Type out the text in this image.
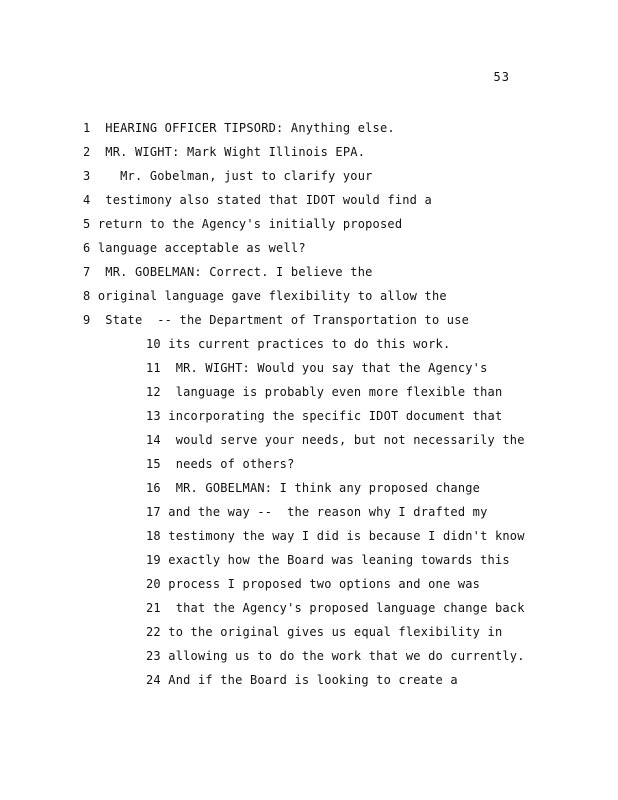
53
1  HEARING OFFICER TIPSORD: Anything else.
2  MR. WIGHT: Mark Wight Illinois EPA.
3    Mr. Gobelman, just to clarify your
4  testimony also stated that IDOT would find a
5 return to the Agency's initially proposed
6 language acceptable as well?
7  MR. GOBELMAN: Correct. I believe the
8 original language gave flexibility to allow the
9  State  -- the Department of Transportation to use
10 its current practices to do this work.
11  MR. WIGHT: Would you say that the Agency's
12  language is probably even more flexible than
13 incorporating the specific IDOT document that
14  would serve your needs, but not necessarily the
15  needs of others?
16  MR. GOBELMAN: I think any proposed change
17 and the way --  the reason why I drafted my
18 testimony the way I did is because I didn't know
19 exactly how the Board was leaning towards this
20 process I proposed two options and one was
21  that the Agency's proposed language change back
22 to the original gives us equal flexibility in
23 allowing us to do the work that we do currently.
24 And if the Board is looking to create a
